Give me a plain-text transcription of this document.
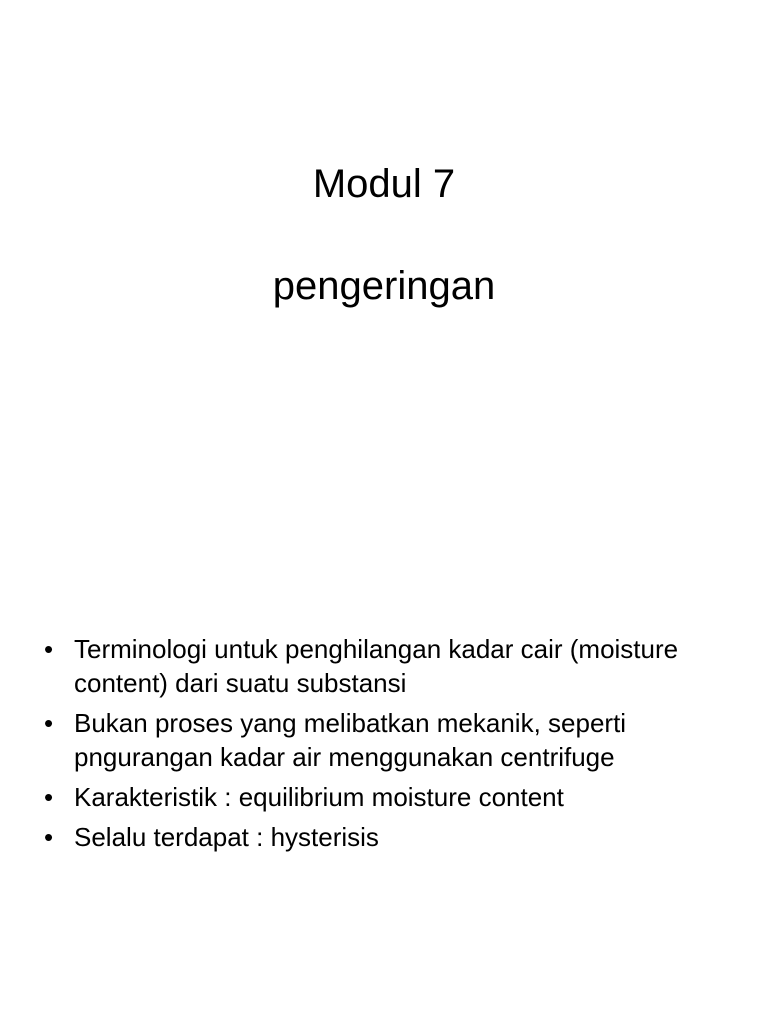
Modul 7
pengeringan
• Terminologi untuk penghilangan kadar cair (moisture content) dari suatu substansi
• Bukan proses yang melibatkan mekanik, seperti pngurangan kadar air menggunakan centrifuge
• Karakteristik : equilibrium moisture content
• Selalu terdapat : hysterisis
